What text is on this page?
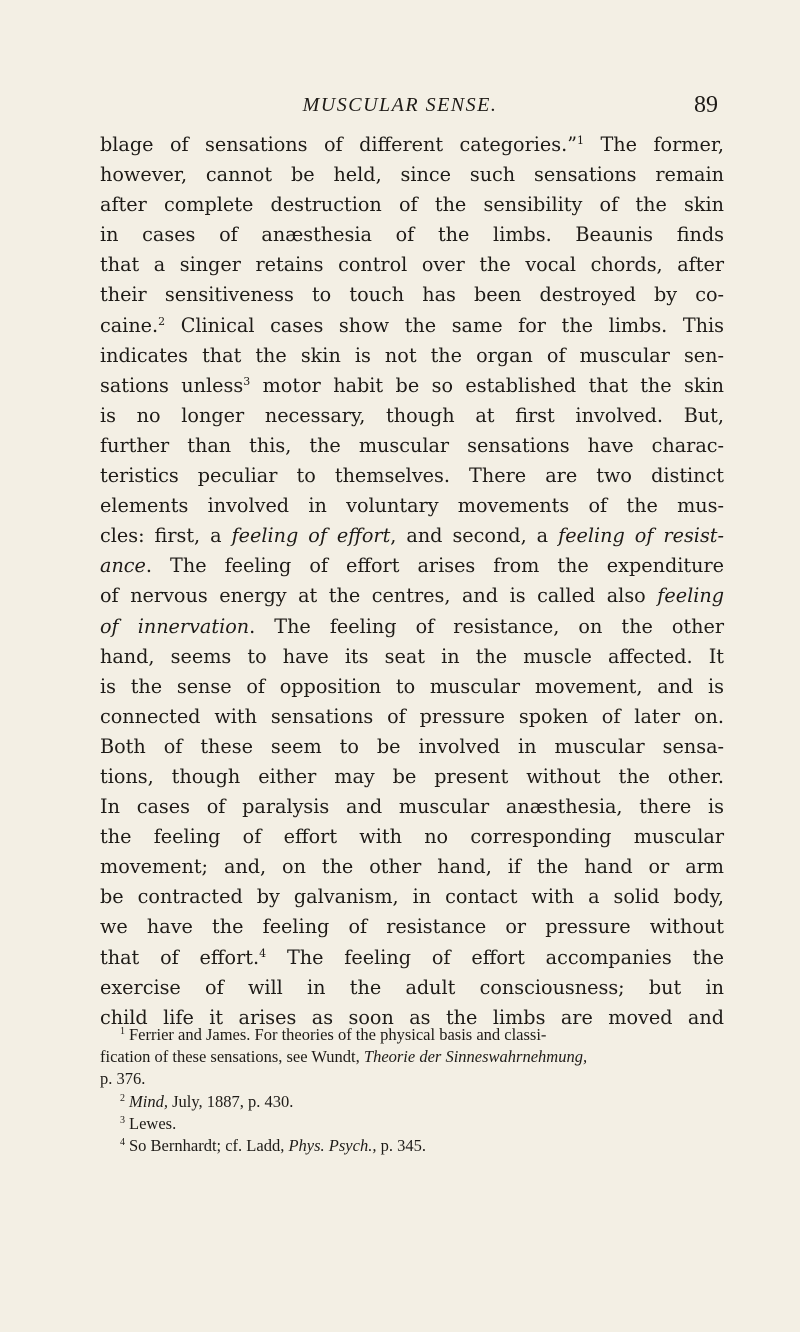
MUSCULAR SENSE.	89
blage of sensations of different categories.”$^1$ The former,
however, cannot be held, since such sensations remain
after complete destruction of the sensibility of the skin
in cases of anæsthesia of the limbs. Beaunis finds
that a singer retains control over the vocal chords, after
their sensitiveness to touch has been destroyed by co-
caine.$^2$ Clinical cases show the same for the limbs. This
indicates that the skin is not the organ of muscular sen-
sations unless$^3$ motor habit be so established that the skin
is no longer necessary, though at first involved. But,
further than this, the muscular sensations have charac-
teristics peculiar to themselves. There are two distinct
elements involved in voluntary movements of the mus-
cles: first, a feeling of effort, and second, a feeling of resist-
ance. The feeling of effort arises from the expenditure
of nervous energy at the centres, and is called also feeling
of innervation. The feeling of resistance, on the other
hand, seems to have its seat in the muscle affected. It
is the sense of opposition to muscular movement, and is
connected with sensations of pressure spoken of later on.
Both of these seem to be involved in muscular sensa-
tions, though either may be present without the other.
In cases of paralysis and muscular anæsthesia, there is
the feeling of effort with no corresponding muscular
movement; and, on the other hand, if the hand or arm
be contracted by galvanism, in contact with a solid body,
we have the feeling of resistance or pressure without
that of effort.$^4$ The feeling of effort accompanies the
exercise of will in the adult consciousness; but in
child life it arises as soon as the limbs are moved and
$^1$ Ferrier and James. For theories of the physical basis and classi-
fication of these sensations, see Wundt, Theorie der Sinneswahrnehmung,
p. 376.
$^2$ Mind, July, 1887, p. 430.
$^3$ Lewes.
$^4$ So Bernhardt; cf. Ladd, Phys. Psych., p. 345.
